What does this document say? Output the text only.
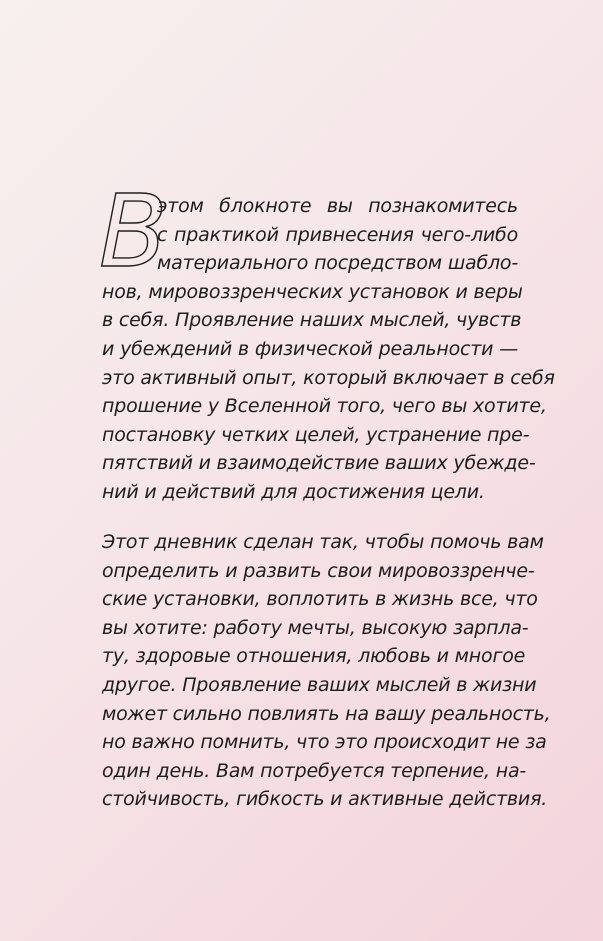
В
этом блокноте вы познакомитесь
с практикой привнесения чего-либо
материального посредством шабло-
нов, мировоззренческих установок и веры
в себя. Проявление наших мыслей, чувств
и убеждений в физической реальности —
это активный опыт, который включает в себя
прошение у Вселенной того, чего вы хотите,
постановку четких целей, устранение пре-
пятствий и взаимодействие ваших убежде-
ний и действий для достижения цели.
Этот дневник сделан так, чтобы помочь вам
определить и развить свои мировоззренче-
ские установки, воплотить в жизнь все, что
вы хотите: работу мечты, высокую зарпла-
ту, здоровые отношения, любовь и многое
другое. Проявление ваших мыслей в жизни
может сильно повлиять на вашу реальность,
но важно помнить, что это происходит не за
один день. Вам потребуется терпение, на-
стойчивость, гибкость и активные действия.
